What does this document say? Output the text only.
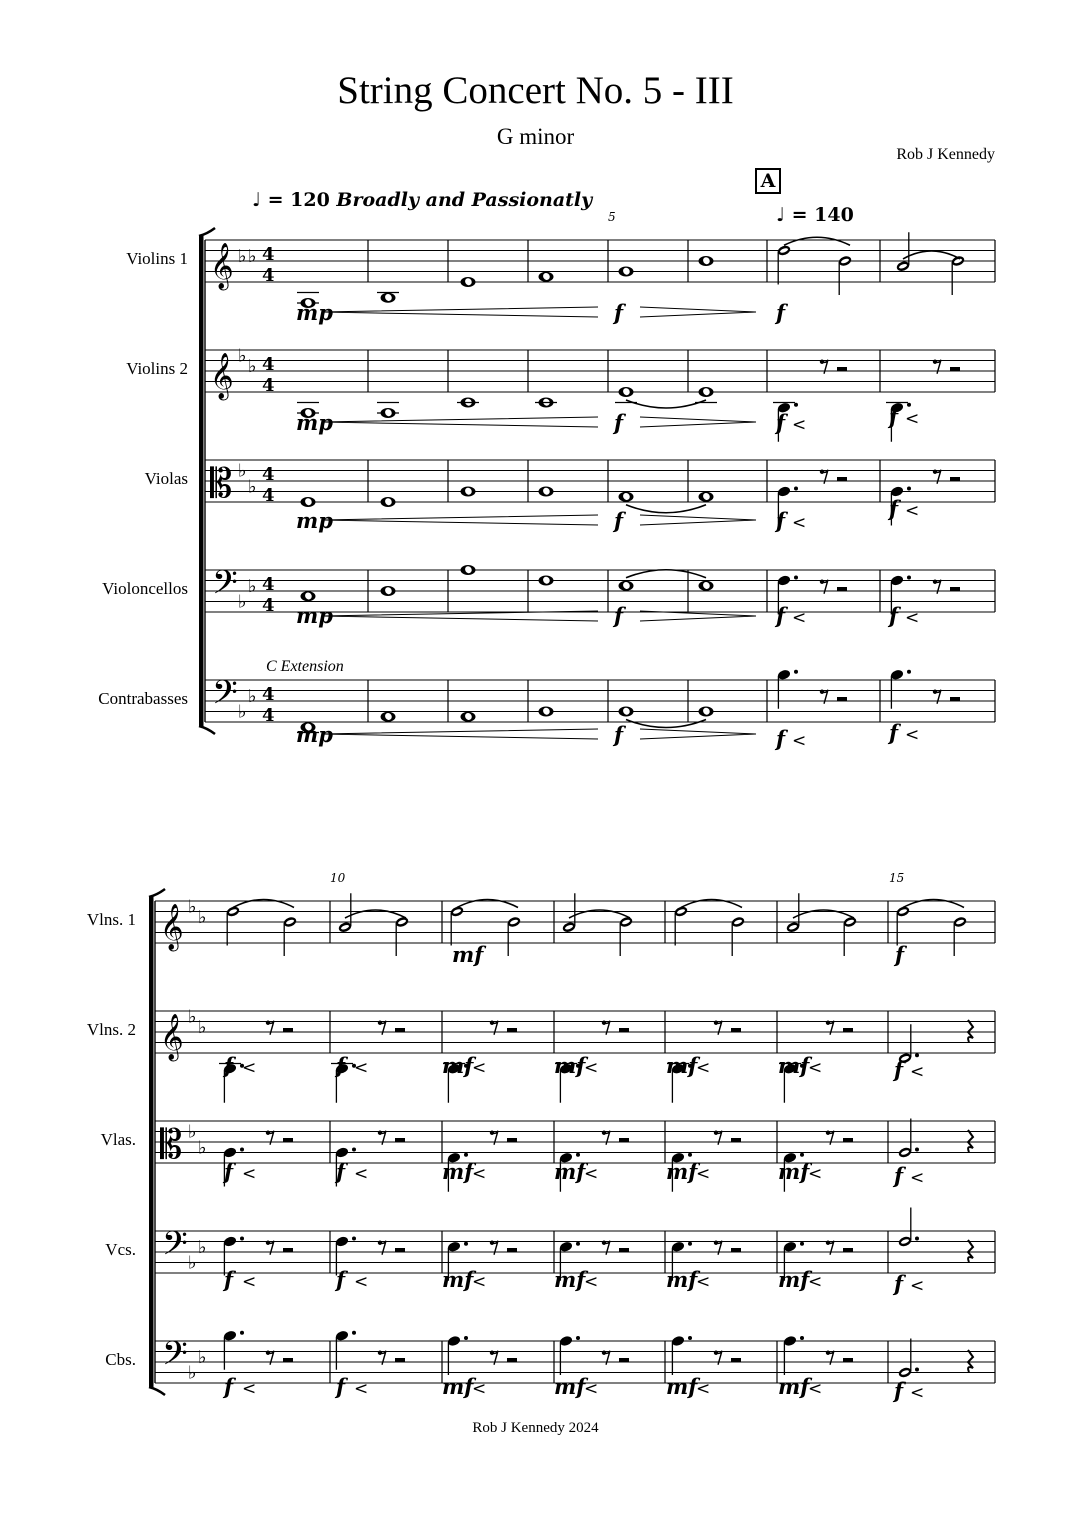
String Concert No. 5 - III
G minor
Rob J Kennedy
♩ = 120 Broadly and Passionatly
♩ = 140
A
5
10	15
C Extension
Violins 1
Violins 2
Violas
Violoncellos
Contrabasses
Vlns. 1
Vlns. 2
Vlas.
Vcs.
Cbs.
𝄞 ♭ ♭ 4
4
𝄞 ♭ ♭ 4
4
𝄡 ♭
♭
4
4
𝄢 ♭
♭ 4
4
𝄢 ♭
♭ 4
4
mp	f	f
mp	f	f <	f <
mp	f	f <
f <
mp	f	f <	f <
mp	f	f <	f <
𝄞 ♭ ♭
𝄞 ♭ ♭
𝄡 ♭
♭
𝄢 ♭
♭
𝄢 ♭
♭
mf	f
f <	f <	mf
<	mf
<	mf
<	mf
<	f <
f <	f <	mf
<	mf
<	mf
<	mf
<	f <
f <	f <	mf
<	mf
<	mf
<	mf
<	f <
f <	f <	mf
<	mf
<	mf
<	mf
<	f <
Rob J Kennedy 2024
